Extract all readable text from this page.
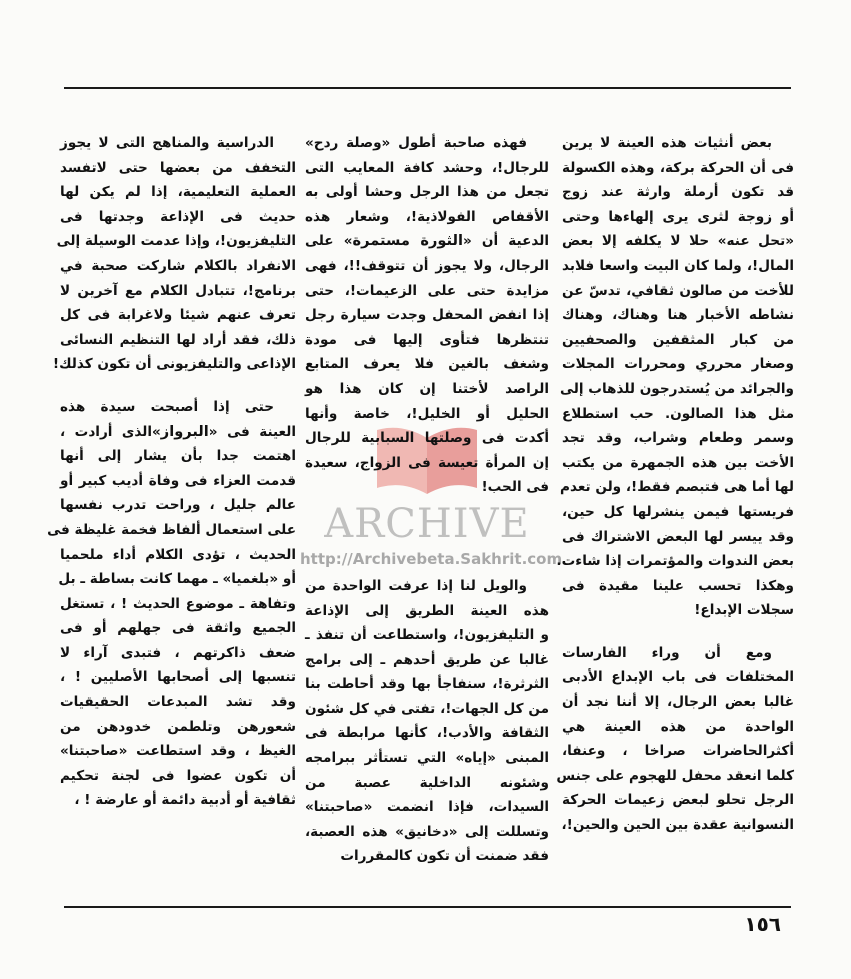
بعض أنثيات هذه العينة لا يرين
فى أن الحركة بركة، وهذه الكسولة
قد تكون أرملة وارثة عند زوج
أو زوجة لثرى يرى إلهاءها وحتى
«تحل عنه» حلا لا يكلفه إلا بعض
المال!، ولما كان البيت واسعا فلابد
للأخت من صالون ثقافي، تدسّ عن
نشاطه الأخبار هنا وهناك، وهناك
من كبار المثقفين والصحفيين
وصغار محرري ومحررات المجلات
والجرائد من يُستدرجون للذهاب إلى
مثل هذا الصالون. حب استطلاع
وسمر وطعام وشراب، وقد تجد
الأخت بين هذه الجمهرة من يكتب
لها أما هى فتبصم فقط!، ولن تعدم
فريستها فيمن ينشرلها كل حين،
وقد ييسر لها البعض الاشتراك فى
بعض الندوات والمؤتمرات إذا شاءت.
وهكذا تحسب علينا مقيدة فى
سجلات الإبداع!
ومع أن وراء الفارسات
المختلفات فى باب الإبداع الأدبى
غالبا بعض الرجال، إلا أننا نجد أن
الواحدة من هذه العينة هي
أكثرالحاضرات صراخا ، وعنفا،
كلما انعقد محفل للهجوم على جنس
الرجل تحلو لبعض زعيمات الحركة
النسوانية عقدة بين الحين والحين!،
فهذه صاحبة أطول «وصلة ردح»
للرجال!، وحشد كافة المعايب التى
تجعل من هذا الرجل وحشا أولى به
الأقفاص الفولاذية!، وشعار هذه
الدعية أن «الثورة مستمرة» على
الرجال، ولا يجوز أن تتوقف!!، فهى
مزايدة حتى على الزعيمات!، حتى
إذا انفض المحفل وجدت سيارة رجل
تنتظرها فتأوى إليها فى مودة
وشغف بالغين فلا يعرف المتابع
الراصد لأختنا إن كان هذا هو
الحليل أو الخليل!، خاصة وأنها
أكدت فى وصلتها السبابية للرجال
إن المرأة تعيسة فى الزواج، سعيدة
فى الحب!
والويل لنا إذا عرفت الواحدة من
هذه العينة الطريق إلى الإذاعة
و التليفزيون!، واستطاعت أن تنفذ ـ
غالبا عن طريق أحدهم ـ إلى برامج
الثرثرة!، سنفاجأ بها وقد أحاطت بنا
من كل الجهات!، تفتى في كل شئون
الثقافة والأدب!، كأنها مرابطة فى
المبنى «إياه» التي تستأثر ببرامجه
وشئونه الداخلية عصبة من
السيدات، فإذا انضمت «صاحبتنا»
وتسللت إلى «دخانيق» هذه العصبة،
فقد ضمنت أن تكون كالمقررات
الدراسية والمناهج التى لا يجوز
التخفف من بعضها حتى لاتفسد
العملية التعليمية، إذا لم يكن لها
حديث فى الإذاعة وجدتها فى
التليفزيون!، وإذا عدمت الوسيلة إلى
الانفراد بالكلام شاركت صحبة في
برنامج!، تتبادل الكلام مع آخرين لا
تعرف عنهم شيئا ولاغرابة فى كل
ذلك، فقد أراد لها التنظيم النسائى
الإذاعى والتليفزيونى أن تكون كذلك!
حتى إذا أصبحت سيدة هذه
العينة فى «البرواز»الذى أرادت ،
اهتمت جدا بأن يشار إلى أنها
قدمت العزاء فى وفاة أديب كبير أو
عالم جليل ، وراحت تدرب نفسها
على استعمال ألفاظ فخمة غليظة فى
الحديث ، تؤدى الكلام أداء ملحميا
أو «بلغميا» ـ مهما كانت بساطة ـ بل
وتفاهة ـ موضوع الحديث ! ، تستغل
الجميع واثقة فى جهلهم أو فى
ضعف ذاكرتهم ، فتبدى آراء لا
تنسبها إلى أصحابها الأصليين ! ،
وقد تشد المبدعات الحقيقيات
شعورهن وتلطمن خدودهن من
الغيظ ، وقد استطاعت «صاحبتنا»
أن تكون عضوا فى لجنة تحكيم
ثقافية أو أدبية دائمة أو عارضة ! ،
ARCHIVE
http://Archivebeta.Sakhrit.com
١٥٦
